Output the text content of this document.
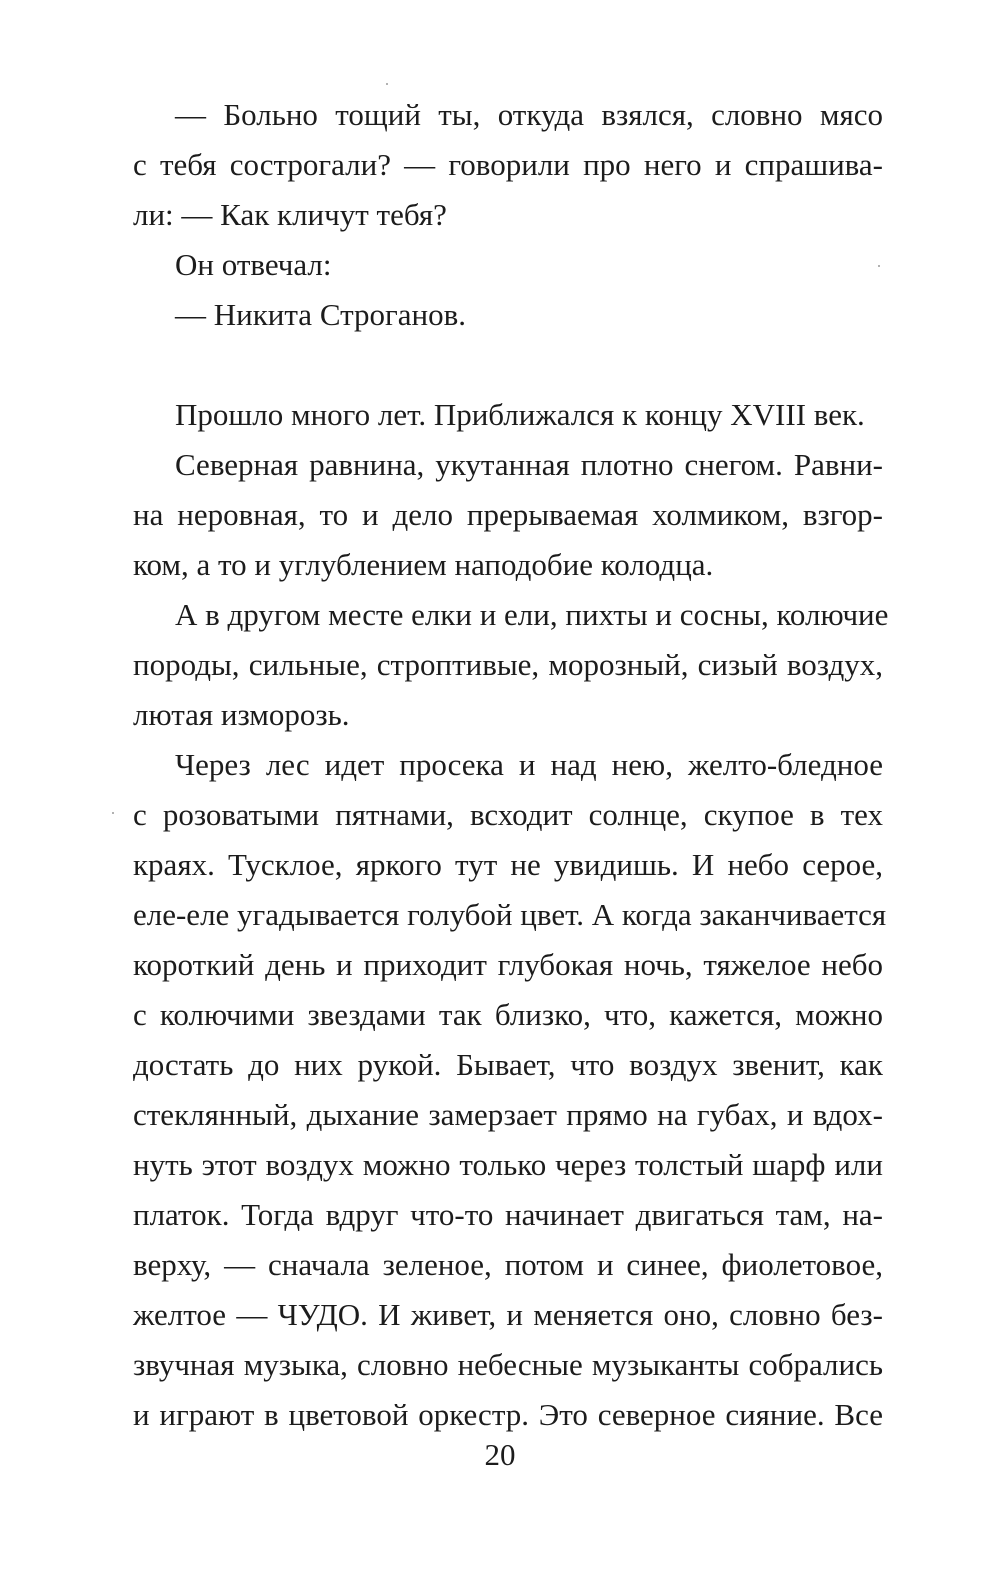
— Больно тощий ты, откуда взялся, словно мясо
с тебя сострогали? — говорили про него и спрашива-
ли: — Как кличут тебя?
Он отвечал:
— Никита Строганов.
Прошло много лет. Приближался к концу XVIII век.
Северная равнина, укутанная плотно снегом. Равни-
на неровная, то и дело прерываемая холмиком, взгор-
ком, а то и углублением наподобие колодца.
А в другом месте елки и ели, пихты и сосны, колючие
породы, сильные, строптивые, морозный, сизый воздух,
лютая изморозь.
Через лес идет просека и над нею, желто-бледное
с розоватыми пятнами, всходит солнце, скупое в тех
краях. Тусклое, яркого тут не увидишь. И небо серое,
еле-еле угадывается голубой цвет. А когда заканчивается
короткий день и приходит глубокая ночь, тяжелое небо
с колючими звездами так близко, что, кажется, можно
достать до них рукой. Бывает, что воздух звенит, как
стеклянный, дыхание замерзает прямо на губах, и вдох-
нуть этот воздух можно только через толстый шарф или
платок. Тогда вдруг что-то начинает двигаться там, на-
верху, — сначала зеленое, потом и синее, фиолетовое,
желтое — ЧУДО. И живет, и меняется оно, словно без-
звучная музыка, словно небесные музыканты собрались
и играют в цветовой оркестр. Это северное сияние. Все
20
